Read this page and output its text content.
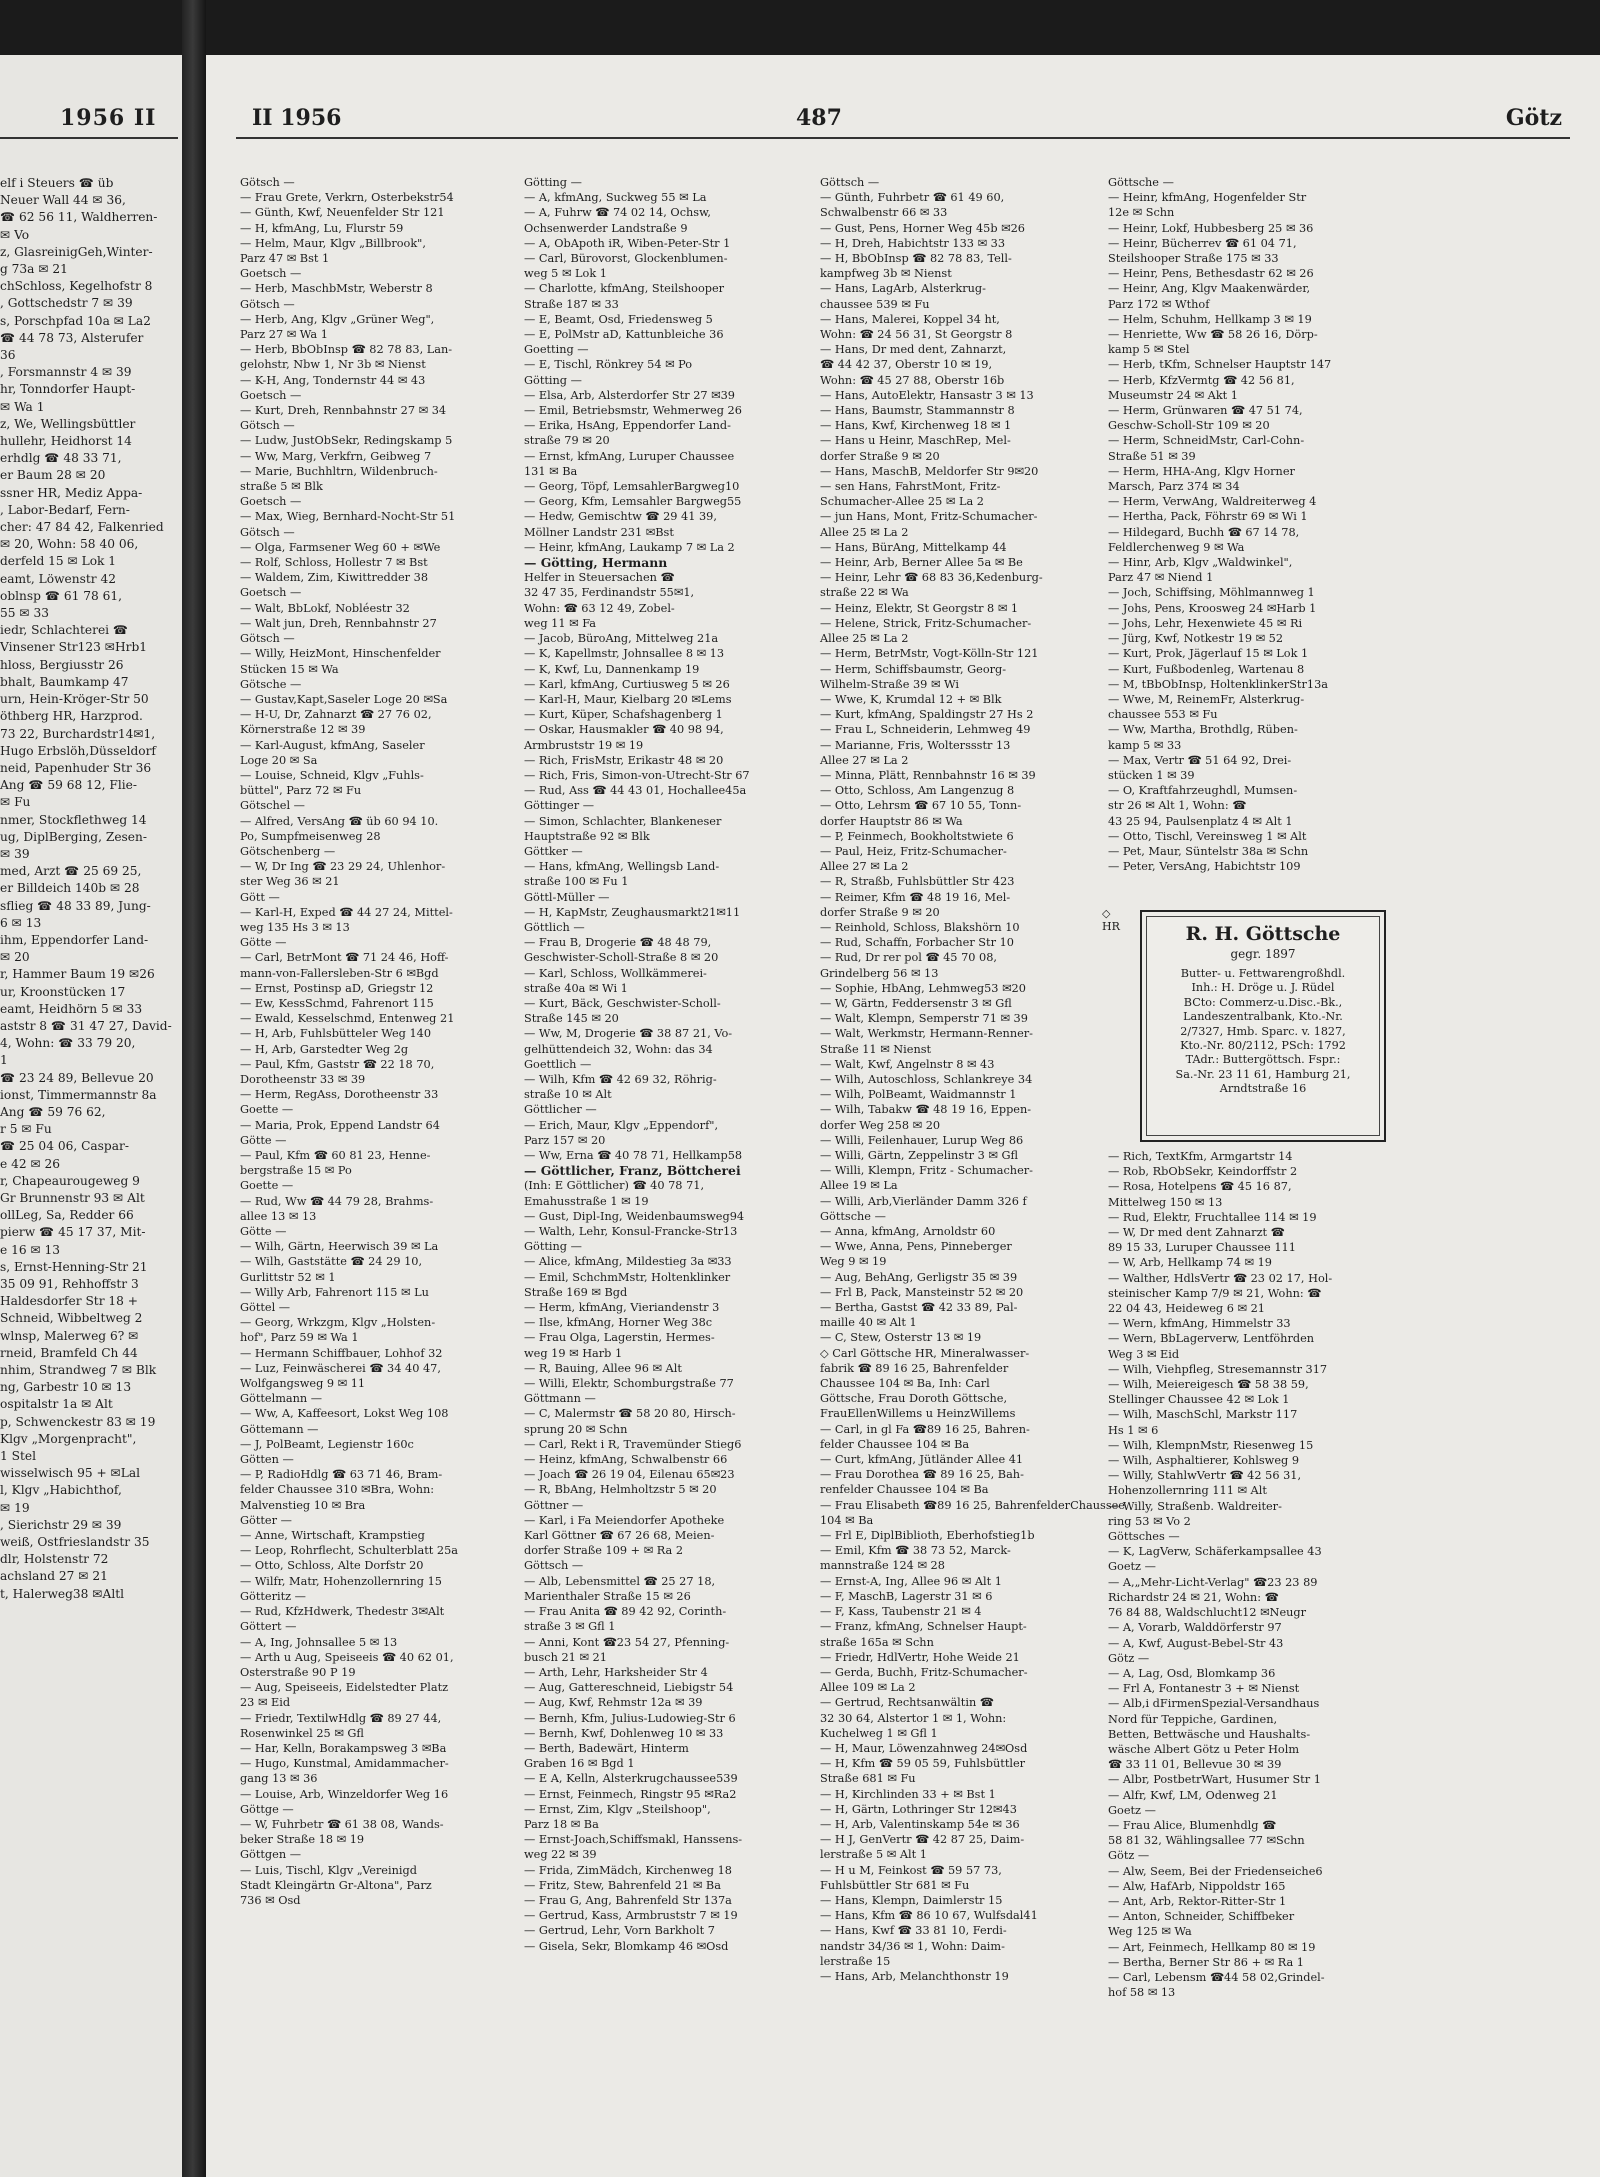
1956 II
elf i Steuers ☎ üb
Neuer Wall 44 ✉ 36,
☎ 62 56 11, Waldherren-
✉ Vo
z, GlasreinigGeh,Winter-
g 73a ✉ 21
chSchloss, Kegelhofstr 8
, Gottschedstr 7 ✉ 39
s, Porschpfad 10a ✉ La2
☎ 44 78 73, Alsterufer
36
, Forsmannstr 4 ✉ 39
hr, Tonndorfer Haupt-
✉ Wa 1
z, We, Wellingsbüttler
hullehr, Heidhorst 14
erhdlg ☎ 48 33 71,
er Baum 28 ✉ 20
ssner HR, Mediz Appa-
, Labor-Bedarf, Fern-
cher: 47 84 42, Falkenried
✉ 20, Wohn: 58 40 06,
derfeld 15 ✉ Lok 1
eamt, Löwenstr 42
oblnsp ☎ 61 78 61,
55 ✉ 33
iedr, Schlachterei ☎
Vinsener Str123 ✉Hrb1
hloss, Bergiusstr 26
bhalt, Baumkamp 47
urn, Hein-Kröger-Str 50
öthberg HR, Harzprod.
73 22, Burchardstr14✉1,
Hugo Erbslöh,Düsseldorf
neid, Papenhuder Str 36
Ang ☎ 59 68 12, Flie-
✉ Fu
nmer, Stockflethweg 14
ug, DiplBerging, Zesen-
✉ 39
med, Arzt ☎ 25 69 25,
er Billdeich 140b ✉ 28
sflieg ☎ 48 33 89, Jung-
6 ✉ 13
ihm, Eppendorfer Land-
✉ 20
r, Hammer Baum 19 ✉26
ur, Kroonstücken 17
eamt, Heidhörn 5 ✉ 33
aststr 8 ☎ 31 47 27, David-
4, Wohn: ☎ 33 79 20,
1
☎ 23 24 89, Bellevue 20
ionst, Timmermannstr 8a
Ang ☎ 59 76 62,
r 5 ✉ Fu
☎ 25 04 06, Caspar-
e 42 ✉ 26
r, Chapeaurougeweg 9
Gr Brunnenstr 93 ✉ Alt
ollLeg, Sa, Redder 66
pierw ☎ 45 17 37, Mit-
e 16 ✉ 13
s, Ernst-Henning-Str 21
35 09 91, Rehhoffstr 3
Haldesdorfer Str 18 +
Schneid, Wibbeltweg 2
wlnsp, Malerweg 6? ✉
rneid, Bramfeld Ch 44
nhim, Strandweg 7 ✉ Blk
ng, Garbestr 10 ✉ 13
ospitalstr 1a ✉ Alt
p, Schwenckestr 83 ✉ 19
Klgv „Morgenpracht",
1 Stel
wisselwisch 95 + ✉Lal
l, Klgv „Habichthof,
✉ 19
, Sierichstr 29 ✉ 39
weiß, Ostfrieslandstr 35
dlr, Holstenstr 72
achsland 27 ✉ 21
t, Halerweg38 ✉Altl
II 1956	487	Götz
Götsch —
— Frau Grete, Verkrn, Osterbekstr54
— Günth, Kwf, Neuenfelder Str 121
— H, kfmAng, Lu, Flurstr 59
— Helm, Maur, Klgv „Billbrook",
Parz 47 ✉ Bst 1
Goetsch —
— Herb, MaschbMstr, Weberstr 8
Götsch —
— Herb, Ang, Klgv „Grüner Weg",
Parz 27 ✉ Wa 1
— Herb, BbObInsp ☎ 82 78 83, Lan-
gelohstr, Nbw 1, Nr 3b ✉ Nienst
— K-H, Ang, Tondernstr 44 ✉ 43
Goetsch —
— Kurt, Dreh, Rennbahnstr 27 ✉ 34
Götsch —
— Ludw, JustObSekr, Redingskamp 5
— Ww, Marg, Verkfrn, Geibweg 7
— Marie, Buchhltrn, Wildenbruch-
straße 5 ✉ Blk
Goetsch —
— Max, Wieg, Bernhard-Nocht-Str 51
Götsch —
— Olga, Farmsener Weg 60 + ✉We
— Rolf, Schloss, Hollestr 7 ✉ Bst
— Waldem, Zim, Kiwittredder 38
Goetsch —
— Walt, BbLokf, Nobléestr 32
— Walt jun, Dreh, Rennbahnstr 27
Götsch —
— Willy, HeizMont, Hinschenfelder
Stücken 15 ✉ Wa
Götsche —
— Gustav,Kapt,Saseler Loge 20 ✉Sa
— H-U, Dr, Zahnarzt ☎ 27 76 02,
Körnerstraße 12 ✉ 39
— Karl-August, kfmAng, Saseler
Loge 20 ✉ Sa
— Louise, Schneid, Klgv „Fuhls-
büttel", Parz 72 ✉ Fu
Götschel —
— Alfred, VersAng ☎ üb 60 94 10.
Po, Sumpfmeisenweg 28
Götschenberg —
— W, Dr Ing ☎ 23 29 24, Uhlenhor-
ster Weg 36 ✉ 21
Gött —
— Karl-H, Exped ☎ 44 27 24, Mittel-
weg 135 Hs 3 ✉ 13
Götte —
— Carl, BetrMont ☎ 71 24 46, Hoff-
mann-von-Fallersleben-Str 6 ✉Bgd
— Ernst, Postinsp aD, Griegstr 12
— Ew, KessSchmd, Fahrenort 115
— Ewald, Kesselschmd, Entenweg 21
— H, Arb, Fuhlsbütteler Weg 140
— H, Arb, Garstedter Weg 2g
— Paul, Kfm, Gaststr ☎ 22 18 70,
Dorotheenstr 33 ✉ 39
— Herm, RegAss, Dorotheenstr 33
Goette —
— Maria, Prok, Eppend Landstr 64
Götte —
— Paul, Kfm ☎ 60 81 23, Henne-
bergstraße 15 ✉ Po
Goette —
— Rud, Ww ☎ 44 79 28, Brahms-
allee 13 ✉ 13
Götte —
— Wilh, Gärtn, Heerwisch 39 ✉ La
— Wilh, Gaststätte ☎ 24 29 10,
Gurlittstr 52 ✉ 1
— Willy Arb, Fahrenort 115 ✉ Lu
Göttel —
— Georg, Wrkzgm, Klgv „Holsten-
hof", Parz 59 ✉ Wa 1
— Hermann Schiffbauer, Lohhof 32
— Luz, Feinwäscherei ☎ 34 40 47,
Wolfgangsweg 9 ✉ 11
Göttelmann —
— Ww, A, Kaffeesort, Lokst Weg 108
Göttemann —
— J, PolBeamt, Legienstr 160c
Götten —
— P, RadioHdlg ☎ 63 71 46, Bram-
felder Chaussee 310 ✉Bra, Wohn:
Malvenstieg 10 ✉ Bra
Götter —
— Anne, Wirtschaft, Krampstieg
— Leop, Rohrflecht, Schulterblatt 25a
— Otto, Schloss, Alte Dorfstr 20
— Wilfr, Matr, Hohenzollernring 15
Götteritz —
— Rud, KfzHdwerk, Thedestr 3✉Alt
Göttert —
— A, Ing, Johnsallee 5 ✉ 13
— Arth u Aug, Speiseeis ☎ 40 62 01,
Osterstraße 90 P 19
— Aug, Speiseeis, Eidelstedter Platz
23 ✉ Eid
— Friedr, TextilwHdlg ☎ 89 27 44,
Rosenwinkel 25 ✉ Gfl
— Har, Kelln, Borakampsweg 3 ✉Ba
— Hugo, Kunstmal, Amidammacher-
gang 13 ✉ 36
— Louise, Arb, Winzeldorfer Weg 16
Göttge —
— W, Fuhrbetr ☎ 61 38 08, Wands-
beker Straße 18 ✉ 19
Göttgen —
— Luis, Tischl, Klgv „Vereinigd
Stadt Kleingärtn Gr-Altona", Parz
736 ✉ Osd
Götting —
— A, kfmAng, Suckweg 55 ✉ La
— A, Fuhrw ☎ 74 02 14, Ochsw,
Ochsenwerder Landstraße 9
— A, ObApoth iR, Wiben-Peter-Str 1
— Carl, Bürovorst, Glockenblumen-
weg 5 ✉ Lok 1
— Charlotte, kfmAng, Steilshooper
Straße 187 ✉ 33
— E, Beamt, Osd, Friedensweg 5
— E, PolMstr aD, Kattunbleiche 36
Goetting —
— E, Tischl, Rönkrey 54 ✉ Po
Götting —
— Elsa, Arb, Alsterdorfer Str 27 ✉39
— Emil, Betriebsmstr, Wehmerweg 26
— Erika, HsAng, Eppendorfer Land-
straße 79 ✉ 20
— Ernst, kfmAng, Luruper Chaussee
131 ✉ Ba
— Georg, Töpf, LemsahlerBargweg10
— Georg, Kfm, Lemsahler Bargweg55
— Hedw, Gemischtw ☎ 29 41 39,
Möllner Landstr 231 ✉Bst
— Heinr, kfmAng, Laukamp 7 ✉ La 2
— Götting, Hermann
Helfer in Steuersachen ☎
32 47 35, Ferdinandstr 55✉1,
Wohn: ☎ 63 12 49, Zobel-
weg 11 ✉ Fa
— Jacob, BüroAng, Mittelweg 21a
— K, Kapellmstr, Johnsallee 8 ✉ 13
— K, Kwf, Lu, Dannenkamp 19
— Karl, kfmAng, Curtiusweg 5 ✉ 26
— Karl-H, Maur, Kielbarg 20 ✉Lems
— Kurt, Küper, Schafshagenberg 1
— Oskar, Hausmakler ☎ 40 98 94,
Armbruststr 19 ✉ 19
— Rich, FrisMstr, Erikastr 48 ✉ 20
— Rich, Fris, Simon-von-Utrecht-Str 67
— Rud, Ass ☎ 44 43 01, Hochallee45a
Göttinger —
— Simon, Schlachter, Blankeneser
Hauptstraße 92 ✉ Blk
Göttker —
— Hans, kfmAng, Wellingsb Land-
straße 100 ✉ Fu 1
Göttl-Müller —
— H, KapMstr, Zeughausmarkt21✉11
Göttlich —
— Frau B, Drogerie ☎ 48 48 79,
Geschwister-Scholl-Straße 8 ✉ 20
— Karl, Schloss, Wollkämmerei-
straße 40a ✉ Wi 1
— Kurt, Bäck, Geschwister-Scholl-
Straße 145 ✉ 20
— Ww, M, Drogerie ☎ 38 87 21, Vo-
gelhüttendeich 32, Wohn: das 34
Goettlich —
— Wilh, Kfm ☎ 42 69 32, Röhrig-
straße 10 ✉ Alt
Göttlicher —
— Erich, Maur, Klgv „Eppendorf",
Parz 157 ✉ 20
— Ww, Erna ☎ 40 78 71, Hellkamp58
— Göttlicher, Franz, Böttcherei
(Inh: E Göttlicher) ☎ 40 78 71,
Emahusstraße 1 ✉ 19
— Gust, Dipl-Ing, Weidenbaumsweg94
— Walth, Lehr, Konsul-Francke-Str13
Götting —
— Alice, kfmAng, Mildestieg 3a ✉33
— Emil, SchchmMstr, Holtenklinker
Straße 169 ✉ Bgd
— Herm, kfmAng, Vieriandenstr 3
— Ilse, kfmAng, Horner Weg 38c
— Frau Olga, Lagerstin, Hermes-
weg 19 ✉ Harb 1
— R, Bauing, Allee 96 ✉ Alt
— Willi, Elektr, Schomburgstraße 77
Göttmann —
— C, Malermstr ☎ 58 20 80, Hirsch-
sprung 20 ✉ Schn
— Carl, Rekt i R, Travemünder Stieg6
— Heinz, kfmAng, Schwalbenstr 66
— Joach ☎ 26 19 04, Eilenau 65✉23
— R, BbAng, Helmholtzstr 5 ✉ 20
Göttner —
— Karl, i Fa Meiendorfer Apotheke
Karl Göttner ☎ 67 26 68, Meien-
dorfer Straße 109 + ✉ Ra 2
Göttsch —
— Alb, Lebensmittel ☎ 25 27 18,
Marienthaler Straße 15 ✉ 26
— Frau Anita ☎ 89 42 92, Corinth-
straße 3 ✉ Gfl 1
— Anni, Kont ☎23 54 27, Pfenning-
busch 21 ✉ 21
— Arth, Lehr, Harksheider Str 4
— Aug, Gattereschneid, Liebigstr 54
— Aug, Kwf, Rehmstr 12a ✉ 39
— Bernh, Kfm, Julius-Ludowieg-Str 6
— Bernh, Kwf, Dohlenweg 10 ✉ 33
— Berth, Badewärt, Hinterm
Graben 16 ✉ Bgd 1
— E A, Kelln, Alsterkrugchaussee539
— Ernst, Feinmech, Ringstr 95 ✉Ra2
— Ernst, Zim, Klgv „Steilshoop",
Parz 18 ✉ Ba
— Ernst-Joach,Schiffsmakl, Hanssens-
weg 22 ✉ 39
— Frida, ZimMädch, Kirchenweg 18
— Fritz, Stew, Bahrenfeld 21 ✉ Ba
— Frau G, Ang, Bahrenfeld Str 137a
— Gertrud, Kass, Armbruststr 7 ✉ 19
— Gertrud, Lehr, Vorn Barkholt 7
— Gisela, Sekr, Blomkamp 46 ✉Osd
Göttsch —
— Günth, Fuhrbetr ☎ 61 49 60,
Schwalbenstr 66 ✉ 33
— Gust, Pens, Horner Weg 45b ✉26
— H, Dreh, Habichtstr 133 ✉ 33
— H, BbObInsp ☎ 82 78 83, Tell-
kampfweg 3b ✉ Nienst
— Hans, LagArb, Alsterkrug-
chaussee 539 ✉ Fu
— Hans, Malerei, Koppel 34 ht,
Wohn: ☎ 24 56 31, St Georgstr 8
— Hans, Dr med dent, Zahnarzt,
☎ 44 42 37, Oberstr 10 ✉ 19,
Wohn: ☎ 45 27 88, Oberstr 16b
— Hans, AutoElektr, Hansastr 3 ✉ 13
— Hans, Baumstr, Stammannstr 8
— Hans, Kwf, Kirchenweg 18 ✉ 1
— Hans u Heinr, MaschRep, Mel-
dorfer Straße 9 ✉ 20
— Hans, MaschB, Meldorfer Str 9✉20
— sen Hans, FahrstMont, Fritz-
Schumacher-Allee 25 ✉ La 2
— jun Hans, Mont, Fritz-Schumacher-
Allee 25 ✉ La 2
— Hans, BürAng, Mittelkamp 44
— Heinr, Arb, Berner Allee 5a ✉ Be
— Heinr, Lehr ☎ 68 83 36,Kedenburg-
straße 22 ✉ Wa
— Heinz, Elektr, St Georgstr 8 ✉ 1
— Helene, Strick, Fritz-Schumacher-
Allee 25 ✉ La 2
— Herm, BetrMstr, Vogt-Kölln-Str 121
— Herm, Schiffsbaumstr, Georg-
Wilhelm-Straße 39 ✉ Wi
— Wwe, K, Krumdal 12 + ✉ Blk
— Kurt, kfmAng, Spaldingstr 27 Hs 2
— Frau L, Schneiderin, Lehmweg 49
— Marianne, Fris, Wolterssstr 13
Allee 27 ✉ La 2
— Minna, Plätt, Rennbahnstr 16 ✉ 39
— Otto, Schloss, Am Langenzug 8
— Otto, Lehrsm ☎ 67 10 55, Tonn-
dorfer Hauptstr 86 ✉ Wa
— P, Feinmech, Bookholtstwiete 6
— Paul, Heiz, Fritz-Schumacher-
Allee 27 ✉ La 2
— R, Straßb, Fuhlsbüttler Str 423
— Reimer, Kfm ☎ 48 19 16, Mel-
dorfer Straße 9 ✉ 20
— Reinhold, Schloss, Blakshörn 10
— Rud, Schaffn, Forbacher Str 10
— Rud, Dr rer pol ☎ 45 70 08,
Grindelberg 56 ✉ 13
— Sophie, HbAng, Lehmweg53 ✉20
— W, Gärtn, Feddersenstr 3 ✉ Gfl
— Walt, Klempn, Semperstr 71 ✉ 39
— Walt, Werkmstr, Hermann-Renner-
Straße 11 ✉ Nienst
— Walt, Kwf, Angelnstr 8 ✉ 43
— Wilh, Autoschloss, Schlankreye 34
— Wilh, PolBeamt, Waidmannstr 1
— Wilh, Tabakw ☎ 48 19 16, Eppen-
dorfer Weg 258 ✉ 20
— Willi, Feilenhauer, Lurup Weg 86
— Willi, Gärtn, Zeppelinstr 3 ✉ Gfl
— Willi, Klempn, Fritz - Schumacher-
Allee 19 ✉ La
— Willi, Arb,Vierländer Damm 326 f
Göttsche —
— Anna, kfmAng, Arnoldstr 60
— Wwe, Anna, Pens, Pinneberger
Weg 9 ✉ 19
— Aug, BehAng, Gerligstr 35 ✉ 39
— Frl B, Pack, Mansteinstr 52 ✉ 20
— Bertha, Gastst ☎ 42 33 89, Pal-
maille 40 ✉ Alt 1
— C, Stew, Osterstr 13 ✉ 19
◇ Carl Göttsche HR, Mineralwasser-
fabrik ☎ 89 16 25, Bahrenfelder
Chaussee 104 ✉ Ba, Inh: Carl
Göttsche, Frau Doroth Göttsche,
FrauEllenWillems u HeinzWillems
— Carl, in gl Fa ☎89 16 25, Bahren-
felder Chaussee 104 ✉ Ba
— Curt, kfmAng, Jütländer Allee 41
— Frau Dorothea ☎ 89 16 25, Bah-
renfelder Chaussee 104 ✉ Ba
— Frau Elisabeth ☎89 16 25, BahrenfelderChaussee
104 ✉ Ba
— Frl E, DiplBiblioth, Eberhofstieg1b
— Emil, Kfm ☎ 38 73 52, Marck-
mannstraße 124 ✉ 28
— Ernst-A, Ing, Allee 96 ✉ Alt 1
— F, MaschB, Lagerstr 31 ✉ 6
— F, Kass, Taubenstr 21 ✉ 4
— Franz, kfmAng, Schnelser Haupt-
straße 165a ✉ Schn
— Friedr, HdlVertr, Hohe Weide 21
— Gerda, Buchh, Fritz-Schumacher-
Allee 109 ✉ La 2
— Gertrud, Rechtsanwältin ☎
32 30 64, Alstertor 1 ✉ 1, Wohn:
Kuchelweg 1 ✉ Gfl 1
— H, Maur, Löwenzahnweg 24✉Osd
— H, Kfm ☎ 59 05 59, Fuhlsbüttler
Straße 681 ✉ Fu
— H, Kirchlinden 33 + ✉ Bst 1
— H, Gärtn, Lothringer Str 12✉43
— H, Arb, Valentinskamp 54e ✉ 36
— H J, GenVertr ☎ 42 87 25, Daim-
lerstraße 5 ✉ Alt 1
— H u M, Feinkost ☎ 59 57 73,
Fuhlsbüttler Str 681 ✉ Fu
— Hans, Klempn, Daimlerstr 15
— Hans, Kfm ☎ 86 10 67, Wulfsdal41
— Hans, Kwf ☎ 33 81 10, Ferdi-
nandstr 34/36 ✉ 1, Wohn: Daim-
lerstraße 15
— Hans, Arb, Melanchthonstr 19
Göttsche —
— Heinr, kfmAng, Hogenfelder Str
12e ✉ Schn
— Heinr, Lokf, Hubbesberg 25 ✉ 36
— Heinr, Bücherrev ☎ 61 04 71,
Steilshooper Straße 175 ✉ 33
— Heinr, Pens, Bethesdastr 62 ✉ 26
— Heinr, Ang, Klgv Maakenwärder,
Parz 172 ✉ Wthof
— Helm, Schuhm, Hellkamp 3 ✉ 19
— Henriette, Ww ☎ 58 26 16, Dörp-
kamp 5 ✉ Stel
— Herb, tKfm, Schnelser Hauptstr 147
— Herb, KfzVermtg ☎ 42 56 81,
Museumstr 24 ✉ Akt 1
— Herm, Grünwaren ☎ 47 51 74,
Geschw-Scholl-Str 109 ✉ 20
— Herm, SchneidMstr, Carl-Cohn-
Straße 51 ✉ 39
— Herm, HHA-Ang, Klgv Horner
Marsch, Parz 374 ✉ 34
— Herm, VerwAng, Waldreiterweg 4
— Hertha, Pack, Föhrstr 69 ✉ Wi 1
— Hildegard, Buchh ☎ 67 14 78,
Feldlerchenweg 9 ✉ Wa
— Hinr, Arb, Klgv „Waldwinkel",
Parz 47 ✉ Niend 1
— Joch, Schiffsing, Möhlmannweg 1
— Johs, Pens, Kroosweg 24 ✉Harb 1
— Johs, Lehr, Hexenwiete 45 ✉ Ri
— Jürg, Kwf, Notkestr 19 ✉ 52
— Kurt, Prok, Jägerlauf 15 ✉ Lok 1
— Kurt, Fußbodenleg, Wartenau 8
— M, tBbObInsp, HoltenklinkerStr13a
— Wwe, M, ReinemFr, Alsterkrug-
chaussee 553 ✉ Fu
— Ww, Martha, Brothdlg, Rüben-
kamp 5 ✉ 33
— Max, Vertr ☎ 51 64 92, Drei-
stücken 1 ✉ 39
— O, Kraftfahrzeughdl, Mumsen-
str 26 ✉ Alt 1, Wohn: ☎
43 25 94, Paulsenplatz 4 ✉ Alt 1
— Otto, Tischl, Vereinsweg 1 ✉ Alt
— Pet, Maur, Süntelstr 38a ✉ Schn
— Peter, VersAng, Habichtstr 109
◇
HR	R. H. Göttsche
gegr. 1897
Butter- u. Fettwarengroßhdl.
Inh.: H. Dröge u. J. Rüdel
BCto: Commerz-u.Disc.-Bk.,
Landeszentralbank, Kto.-Nr.
2/7327, Hmb. Sparc. v. 1827,
Kto.-Nr. 80/2112, PSch: 1792
TAdr.: Buttergöttsch. Fspr.:
Sa.-Nr. 23 11 61, Hamburg 21,
Arndtstraße 16
— Rich, TextKfm, Armgartstr 14
— Rob, RbObSekr, Keindorffstr 2
— Rosa, Hotelpens ☎ 45 16 87,
Mittelweg 150 ✉ 13
— Rud, Elektr, Fruchtallee 114 ✉ 19
— W, Dr med dent Zahnarzt ☎
89 15 33, Luruper Chaussee 111
— W, Arb, Hellkamp 74 ✉ 19
— Walther, HdlsVertr ☎ 23 02 17, Hol-
steinischer Kamp 7/9 ✉ 21, Wohn: ☎
22 04 43, Heideweg 6 ✉ 21
— Wern, kfmAng, Himmelstr 33
— Wern, BbLagerverw, Lentföhrden
Weg 3 ✉ Eid
— Wilh, Viehpfleg, Stresemannstr 317
— Wilh, Meiereigesch ☎ 58 38 59,
Stellinger Chaussee 42 ✉ Lok 1
— Wilh, MaschSchl, Markstr 117
Hs 1 ✉ 6
— Wilh, KlempnMstr, Riesenweg 15
— Wilh, Asphaltierer, Kohlsweg 9
— Willy, StahlwVertr ☎ 42 56 31,
Hohenzollernring 111 ✉ Alt
— Willy, Straßenb. Waldreiter-
ring 53 ✉ Vo 2
Göttsches —
— K, LagVerw, Schäferkampsallee 43
Goetz —
— A,„Mehr-Licht-Verlag" ☎23 23 89
Richardstr 24 ✉ 21, Wohn: ☎
76 84 88, Waldschlucht12 ✉Neugr
— A, Vorarb, Walddörferstr 97
— A, Kwf, August-Bebel-Str 43
Götz —
— A, Lag, Osd, Blomkamp 36
— Frl A, Fontanestr 3 + ✉ Nienst
— Alb,i dFirmenSpezial-Versandhaus
Nord für Teppiche, Gardinen,
Betten, Bettwäsche und Haushalts-
wäsche Albert Götz u Peter Holm
☎ 33 11 01, Bellevue 30 ✉ 39
— Albr, PostbetrWart, Husumer Str 1
— Alfr, Kwf, LM, Odenweg 21
Goetz —
— Frau Alice, Blumenhdlg ☎
58 81 32, Wählingsallee 77 ✉Schn
Götz —
— Alw, Seem, Bei der Friedenseiche6
— Alw, HafArb, Nippoldstr 165
— Ant, Arb, Rektor-Ritter-Str 1
— Anton, Schneider, Schiffbeker
Weg 125 ✉ Wa
— Art, Feinmech, Hellkamp 80 ✉ 19
— Bertha, Berner Str 86 + ✉ Ra 1
— Carl, Lebensm ☎44 58 02,Grindel-
hof 58 ✉ 13
